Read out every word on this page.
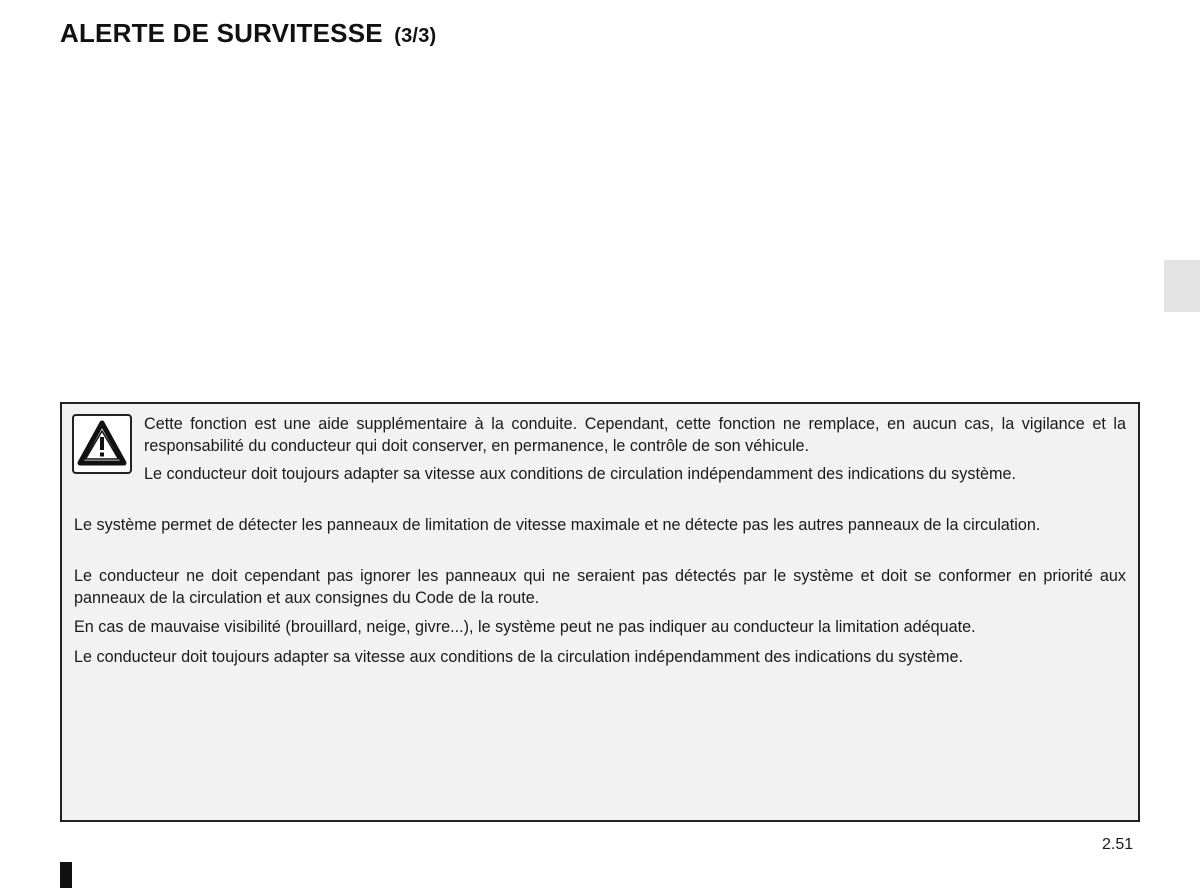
ALERTE DE SURVITESSE (3/3)

Cette fonction est une aide supplémentaire à la conduite. Cependant, cette fonction ne remplace, en aucun cas, la vigilance et la responsabilité du conducteur qui doit conserver, en permanence, le contrôle de son véhicule.

Le conducteur doit toujours adapter sa vitesse aux conditions de circulation indépendamment des indications du système.

Le système permet de détecter les panneaux de limitation de vitesse maximale et ne détecte pas les autres panneaux de la circulation.

Le conducteur ne doit cependant pas ignorer les panneaux qui ne seraient pas détectés par le système et doit se conformer en priorité aux panneaux de la circulation et aux consignes du Code de la route.

En cas de mauvaise visibilité (brouillard, neige, givre...), le système peut ne pas indiquer au conducteur la limitation adéquate.

Le conducteur doit toujours adapter sa vitesse aux conditions de la circulation indépendamment des indications du système.

2.51
